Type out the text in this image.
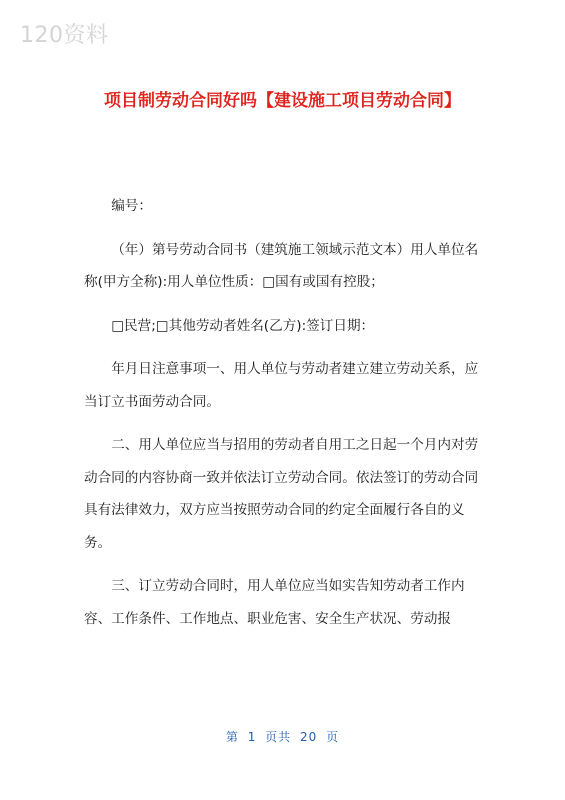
120资料
项目制劳动合同好吗【建设施工项目劳动合同】

编号：

（年）第号劳动合同书（建筑施工领域示范文本）用人单位名称(甲方全称):用人单位性质：□国有或国有控股；

□民营;□其他劳动者姓名(乙方):签订日期：

年月日注意事项一、用人单位与劳动者建立建立劳动关系，应当订立书面劳动合同。

二、用人单位应当与招用的劳动者自用工之日起一个月内对劳动合同的内容协商一致并依法订立劳动合同。依法签订的劳动合同具有法律效力，双方应当按照劳动合同的约定全面履行各自的义务。

三、订立劳动合同时，用人单位应当如实告知劳动者工作内容、工作条件、工作地点、职业危害、安全生产状况、劳动报

第 1 页共 20 页
